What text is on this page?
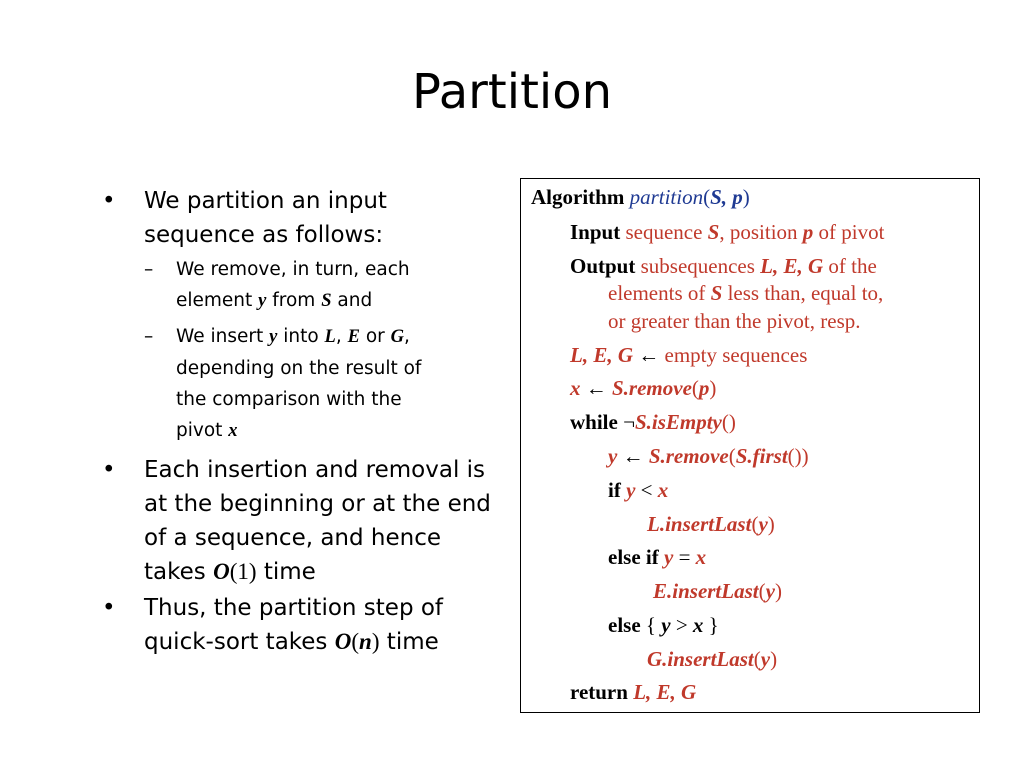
Partition
• We partition an input
sequence as follows:
– We remove, in turn, each
element y from S and
– We insert y into L, E or G,
depending on the result of
the comparison with the
pivot x
• Each insertion and removal is
at the beginning or at the end
of a sequence, and hence
takes O(1) time
• Thus, the partition step of
quick-sort takes O(n) time
Algorithm partition(S, p)
Input sequence S, position p of pivot
Output subsequences L, E, G of the
elements of S less than, equal to,
or greater than the pivot, resp.
L, E, G ← empty sequences
x ← S.remove(p)
while ¬S.isEmpty()
y ← S.remove(S.first())
if y < x
L.insertLast(y)
else if y = x
E.insertLast(y)
else { y > x }
G.insertLast(y)
return L, E, G
